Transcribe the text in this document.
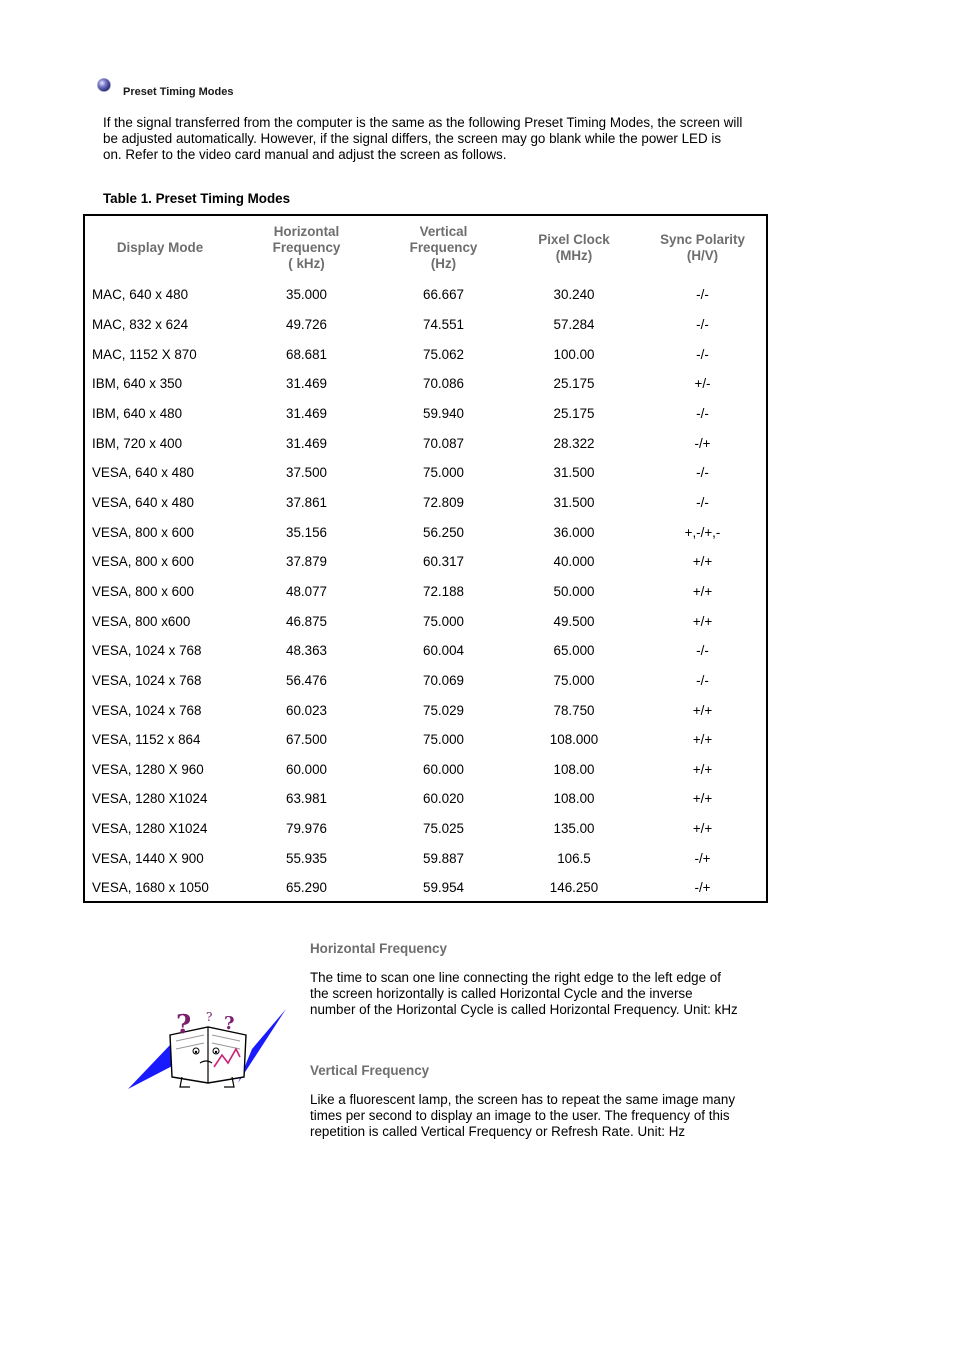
Preset Timing Modes

If the signal transferred from the computer is the same as the following Preset Timing Modes, the screen will be adjusted automatically. However, if the signal differs, the screen may go blank while the power LED is on. Refer to the video card manual and adjust the screen as follows.

Table 1. Preset Timing Modes
Display Mode	Horizontal
Frequency
( kHz)	Vertical
Frequency
(Hz)	Pixel Clock
(MHz)	Sync Polarity
(H/V)

MAC, 640 x 480	35.000	66.667	30.240	-/-
MAC, 832 x 624	49.726	74.551	57.284	-/-
MAC, 1152 X 870	68.681	75.062	100.00	-/-
IBM, 640 x 350	31.469	70.086	25.175	+/-
IBM, 640 x 480	31.469	59.940	25.175	-/-
IBM, 720 x 400	31.469	70.087	28.322	-/+
VESA, 640 x 480	37.500	75.000	31.500	-/-
VESA, 640 x 480	37.861	72.809	31.500	-/-
VESA, 800 x 600	35.156	56.250	36.000	+,-/+,-
VESA, 800 x 600	37.879	60.317	40.000	+/+
VESA, 800 x 600	48.077	72.188	50.000	+/+
VESA, 800 x600	46.875	75.000	49.500	+/+
VESA, 1024 x 768	48.363	60.004	65.000	-/-
VESA, 1024 x 768	56.476	70.069	75.000	-/-
VESA, 1024 x 768	60.023	75.029	78.750	+/+
VESA, 1152 x 864	67.500	75.000	108.000	+/+
VESA, 1280 X 960	60.000	60.000	108.00	+/+
VESA, 1280 X1024	63.981	60.020	108.00	+/+
VESA, 1280 X1024	79.976	75.025	135.00	+/+
VESA, 1440 X 900	55.935	59.887	106.5	-/+
VESA, 1680 x 1050	65.290	59.954	146.250	-/+
? ?
?

Horizontal Frequency

The time to scan one line connecting the right edge to the left edge of the screen horizontally is called Horizontal Cycle and the inverse number of the Horizontal Cycle is called Horizontal Frequency. Unit: kHz

Vertical Frequency

Like a fluorescent lamp, the screen has to repeat the same image many times per second to display an image to the user. The frequency of this repetition is called Vertical Frequency or Refresh Rate. Unit: Hz
